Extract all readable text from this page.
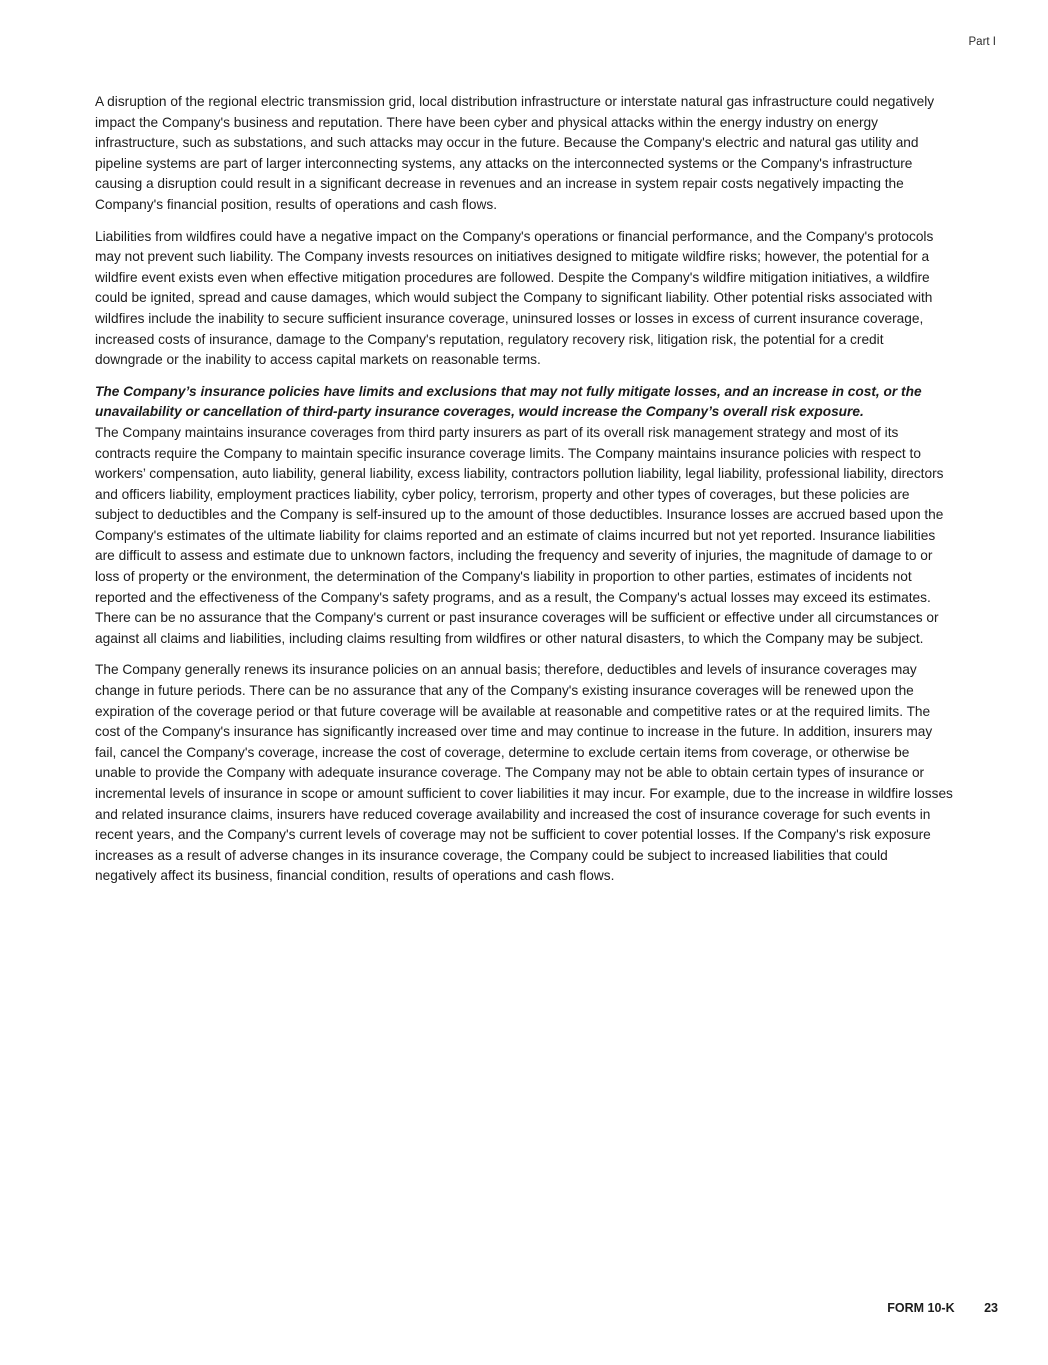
Part I

A disruption of the regional electric transmission grid, local distribution infrastructure or interstate natural gas infrastructure could negatively impact the Company's business and reputation. There have been cyber and physical attacks within the energy industry on energy infrastructure, such as substations, and such attacks may occur in the future. Because the Company's electric and natural gas utility and pipeline systems are part of larger interconnecting systems, any attacks on the interconnected systems or the Company's infrastructure causing a disruption could result in a significant decrease in revenues and an increase in system repair costs negatively impacting the Company's financial position, results of operations and cash flows.

Liabilities from wildfires could have a negative impact on the Company's operations or financial performance, and the Company's protocols may not prevent such liability. The Company invests resources on initiatives designed to mitigate wildfire risks; however, the potential for a wildfire event exists even when effective mitigation procedures are followed. Despite the Company's wildfire mitigation initiatives, a wildfire could be ignited, spread and cause damages, which would subject the Company to significant liability. Other potential risks associated with wildfires include the inability to secure sufficient insurance coverage, uninsured losses or losses in excess of current insurance coverage, increased costs of insurance, damage to the Company's reputation, regulatory recovery risk, litigation risk, the potential for a credit downgrade or the inability to access capital markets on reasonable terms.

The Company’s insurance policies have limits and exclusions that may not fully mitigate losses, and an increase in cost, or the unavailability or cancellation of third-party insurance coverages, would increase the Company’s overall risk exposure.

The Company maintains insurance coverages from third party insurers as part of its overall risk management strategy and most of its contracts require the Company to maintain specific insurance coverage limits. The Company maintains insurance policies with respect to workers’ compensation, auto liability, general liability, excess liability, contractors pollution liability, legal liability, professional liability, directors and officers liability, employment practices liability, cyber policy, terrorism, property and other types of coverages, but these policies are subject to deductibles and the Company is self-insured up to the amount of those deductibles. Insurance losses are accrued based upon the Company's estimates of the ultimate liability for claims reported and an estimate of claims incurred but not yet reported. Insurance liabilities are difficult to assess and estimate due to unknown factors, including the frequency and severity of injuries, the magnitude of damage to or loss of property or the environment, the determination of the Company's liability in proportion to other parties, estimates of incidents not reported and the effectiveness of the Company's safety programs, and as a result, the Company's actual losses may exceed its estimates. There can be no assurance that the Company's current or past insurance coverages will be sufficient or effective under all circumstances or against all claims and liabilities, including claims resulting from wildfires or other natural disasters, to which the Company may be subject.

The Company generally renews its insurance policies on an annual basis; therefore, deductibles and levels of insurance coverages may change in future periods. There can be no assurance that any of the Company's existing insurance coverages will be renewed upon the expiration of the coverage period or that future coverage will be available at reasonable and competitive rates or at the required limits. The cost of the Company's insurance has significantly increased over time and may continue to increase in the future. In addition, insurers may fail, cancel the Company's coverage, increase the cost of coverage, determine to exclude certain items from coverage, or otherwise be unable to provide the Company with adequate insurance coverage. The Company may not be able to obtain certain types of insurance or incremental levels of insurance in scope or amount sufficient to cover liabilities it may incur. For example, due to the increase in wildfire losses and related insurance claims, insurers have reduced coverage availability and increased the cost of insurance coverage for such events in recent years, and the Company's current levels of coverage may not be sufficient to cover potential losses. If the Company's risk exposure increases as a result of adverse changes in its insurance coverage, the Company could be subject to increased liabilities that could negatively affect its business, financial condition, results of operations and cash flows.

FORM 10-K 23
